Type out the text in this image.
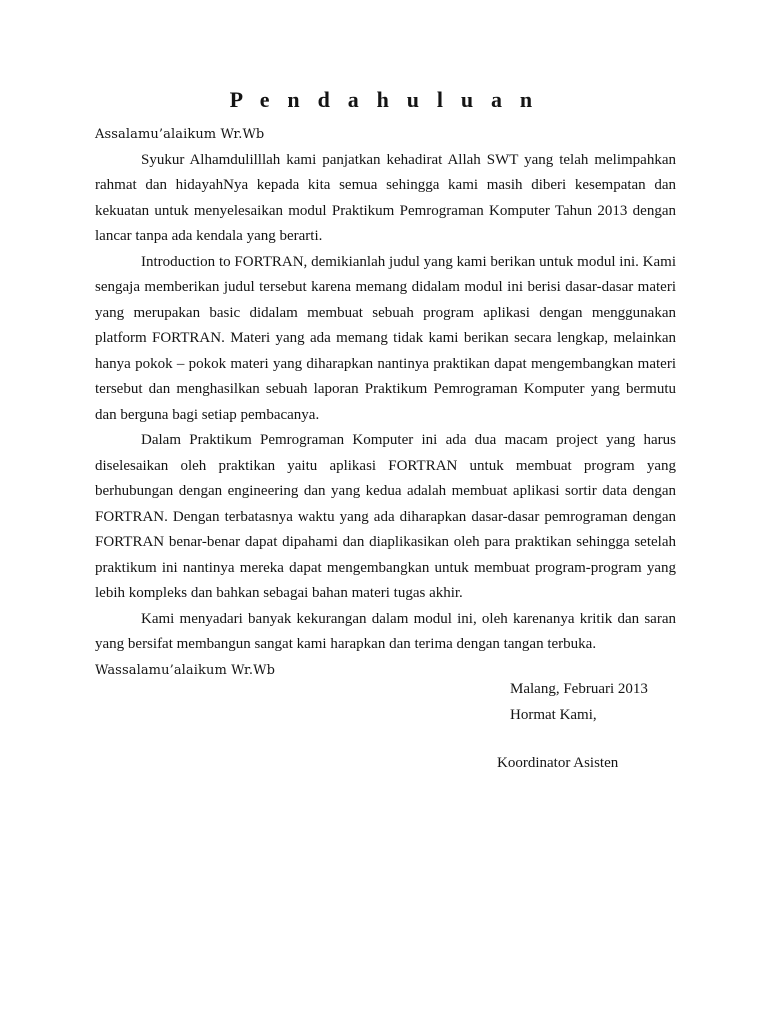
P e n d a h u l u a n

Assalamu’alaikum Wr.Wb

Syukur Alhamdulilllah kami panjatkan kehadirat Allah SWT yang telah melimpahkan rahmat dan hidayahNya kepada kita semua sehingga kami masih diberi kesempatan dan kekuatan untuk menyelesaikan modul Praktikum Pemrograman Komputer Tahun 2013 dengan lancar tanpa ada kendala yang berarti.

Introduction to FORTRAN, demikianlah judul yang kami berikan untuk modul ini. Kami sengaja memberikan judul tersebut karena memang didalam modul ini berisi dasar-dasar materi yang merupakan basic didalam membuat sebuah program aplikasi dengan menggunakan platform FORTRAN. Materi yang ada memang tidak kami berikan secara lengkap, melainkan hanya pokok – pokok materi yang diharapkan nantinya praktikan dapat mengembangkan materi tersebut dan menghasilkan sebuah laporan Praktikum Pemrograman Komputer yang bermutu dan berguna bagi setiap pembacanya.

Dalam Praktikum Pemrograman Komputer ini ada dua macam project yang harus diselesaikan oleh praktikan yaitu aplikasi FORTRAN untuk membuat program yang berhubungan dengan engineering dan yang kedua adalah membuat aplikasi sortir data dengan FORTRAN. Dengan terbatasnya waktu yang ada diharapkan dasar-dasar pemrograman dengan FORTRAN benar-benar dapat dipahami dan diaplikasikan oleh para praktikan sehingga setelah praktikum ini nantinya mereka dapat mengembangkan untuk membuat program-program yang lebih kompleks dan bahkan sebagai bahan materi tugas akhir.

Kami menyadari banyak kekurangan dalam modul ini, oleh karenanya kritik dan saran yang bersifat membangun sangat kami harapkan dan terima dengan tangan terbuka.

Wassalamu’alaikum Wr.Wb

Malang, Februari 2013
Hormat Kami,
Koordinator Asisten
